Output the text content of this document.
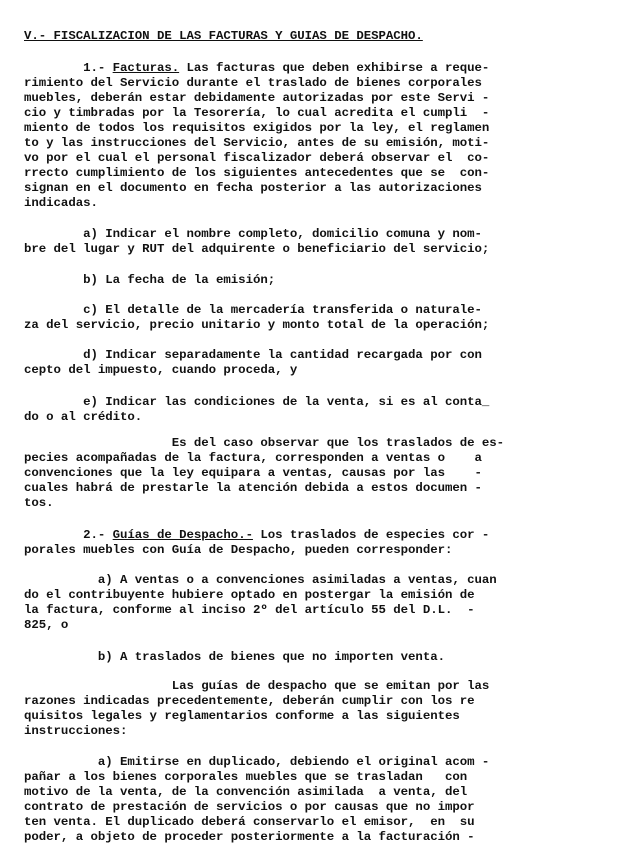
V.- FISCALIZACION DE LAS FACTURAS Y GUIAS DE DESPACHO.
1.- Facturas. Las facturas que deben exhibirse a reque-
rimiento del Servicio durante el traslado de bienes corporales
muebles, deberán estar debidamente autorizadas por este Servi -
cio y timbradas por la Tesorería, lo cual acredita el cumpli  -
miento de todos los requisitos exigidos por la ley, el reglamen
to y las instrucciones del Servicio, antes de su emisión, moti-
vo por el cual el personal fiscalizador deberá observar el  co-
rrecto cumplimiento de los siguientes antecedentes que se  con-
signan en el documento en fecha posterior a las autorizaciones
indicadas.
a) Indicar el nombre completo, domicilio comuna y nom-
bre del lugar y RUT del adquirente o beneficiario del servicio;
b) La fecha de la emisión;
c) El detalle de la mercadería transferida o naturale-
za del servicio, precio unitario y monto total de la operación;
d) Indicar separadamente la cantidad recargada por con
cepto del impuesto, cuando proceda, y
e) Indicar las condiciones de la venta, si es al conta_
do o al crédito.
Es del caso observar que los traslados de es-
pecies acompañadas de la factura, corresponden a ventas o    a
convenciones que la ley equipara a ventas, causas por las    -
cuales habrá de prestarle la atención debida a estos documen -
tos.
2.- Guías de Despacho.- Los traslados de especies cor -
porales muebles con Guía de Despacho, pueden corresponder:
a) A ventas o a convenciones asimiladas a ventas, cuan
do el contribuyente hubiere optado en postergar la emisión de
la factura, conforme al inciso 2º del artículo 55 del D.L.  -
825, o
b) A traslados de bienes que no importen venta.
Las guías de despacho que se emitan por las
razones indicadas precedentemente, deberán cumplir con los re
quisitos legales y reglamentarios conforme a las siguientes
instrucciones:
a) Emitirse en duplicado, debiendo el original acom -
pañar a los bienes corporales muebles que se trasladan   con
motivo de la venta, de la convención asimilada  a venta, del
contrato de prestación de servicios o por causas que no impor
ten venta. El duplicado deberá conservarlo el emisor,  en  su
poder, a objeto de proceder posteriormente a la facturación -
